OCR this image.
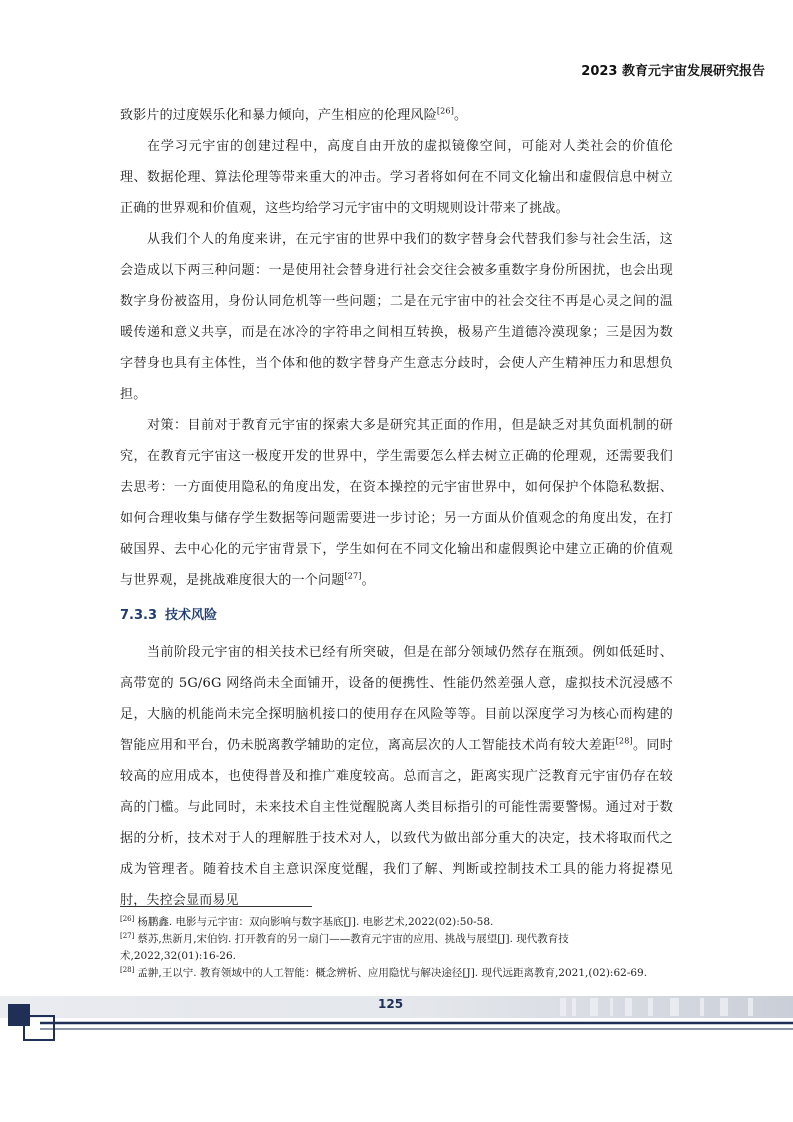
2023 教育元宇宙发展研究报告

致影片的过度娱乐化和暴力倾向，产生相应的伦理风险[26]。

在学习元宇宙的创建过程中，高度自由开放的虚拟镜像空间，可能对人类社会的价值伦理、数据伦理、算法伦理等带来重大的冲击。学习者将如何在不同文化输出和虚假信息中树立正确的世界观和价值观，这些均给学习元宇宙中的文明规则设计带来了挑战。

从我们个人的角度来讲，在元宇宙的世界中我们的数字替身会代替我们参与社会生活，这会造成以下两三种问题：一是使用社会替身进行社会交往会被多重数字身份所困扰，也会出现数字身份被盗用，身份认同危机等一些问题；二是在元宇宙中的社会交往不再是心灵之间的温暖传递和意义共享，而是在冰冷的字符串之间相互转换，极易产生道德冷漠现象；三是因为数字替身也具有主体性，当个体和他的数字替身产生意志分歧时，会使人产生精神压力和思想负担。

对策：目前对于教育元宇宙的探索大多是研究其正面的作用，但是缺乏对其负面机制的研究，在教育元宇宙这一极度开发的世界中，学生需要怎么样去树立正确的伦理观，还需要我们去思考：一方面使用隐私的角度出发，在资本操控的元宇宙世界中，如何保护个体隐私数据、如何合理收集与储存学生数据等问题需要进一步讨论；另一方面从价值观念的角度出发，在打破国界、去中心化的元宇宙背景下，学生如何在不同文化输出和虚假舆论中建立正确的价值观与世界观，是挑战难度很大的一个问题[27]。

7.3.3 技术风险

当前阶段元宇宙的相关技术已经有所突破，但是在部分领域仍然存在瓶颈。例如低延时、高带宽的 5G/6G 网络尚未全面铺开，设备的便携性、性能仍然差强人意，虚拟技术沉浸感不足，大脑的机能尚未完全探明脑机接口的使用存在风险等等。目前以深度学习为核心而构建的智能应用和平台，仍未脱离教学辅助的定位，离高层次的人工智能技术尚有较大差距[28]。同时较高的应用成本，也使得普及和推广难度较高。总而言之，距离实现广泛教育元宇宙仍存在较高的门槛。与此同时，未来技术自主性觉醒脱离人类目标指引的可能性需要警惕。通过对于数据的分析，技术对于人的理解胜于技术对人，以致代为做出部分重大的决定，技术将取而代之成为管理者。随着技术自主意识深度觉醒，我们了解、判断或控制技术工具的能力将捉襟见肘，失控会显而易见

[26] 杨鹏鑫. 电影与元宇宙：双向影响与数字基底[J]. 电影艺术,2022(02):50-58.

[27] 蔡苏,焦新月,宋伯钧. 打开教育的另一扇门——教育元宇宙的应用、挑战与展望[J]. 现代教育技术,2022,32(01):16-26.

[28] 孟翀,王以宁. 教育领域中的人工智能：概念辨析、应用隐忧与解决途径[J]. 现代远距离教育,2021,(02):62-69.

125
